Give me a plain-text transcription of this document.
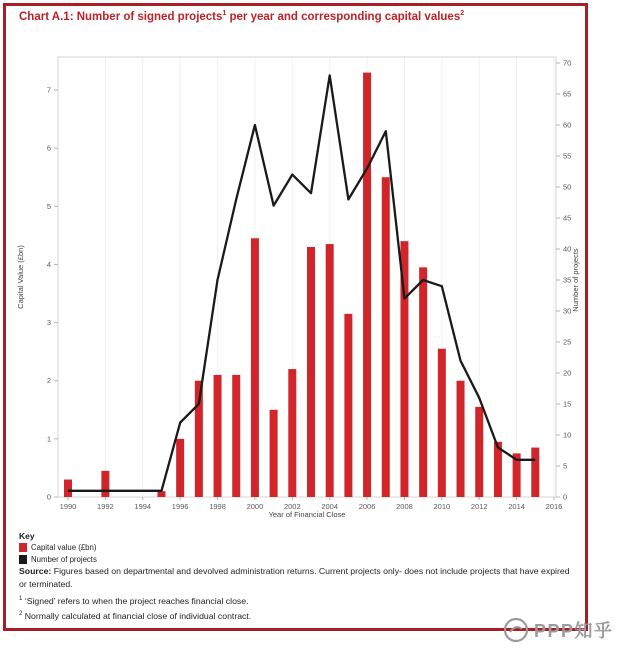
Chart A.1: Number of signed projects$^1$ per year and corresponding capital values$^2$
2016
2014
2012
2010
2008
2006
2004
2002
2000
1998
1996
1994
1992
1990
70
65
60
55
50
45
40
35
30
25
20
15
10
5
0
7
6
5
4
3
2
1
0
Capital Value (£bn)	Number of projects
Year of Financial Close
Key
Capital value (£bn)
Number of projects
Source: Figures based on departmental and devolved administration returns. Current projects only- does not include projects that have expired or terminated.
$^1$ ‘Signed’ refers to when the project reaches financial close.
$^2$ Normally calculated at financial close of individual contract.
PPP知乎
